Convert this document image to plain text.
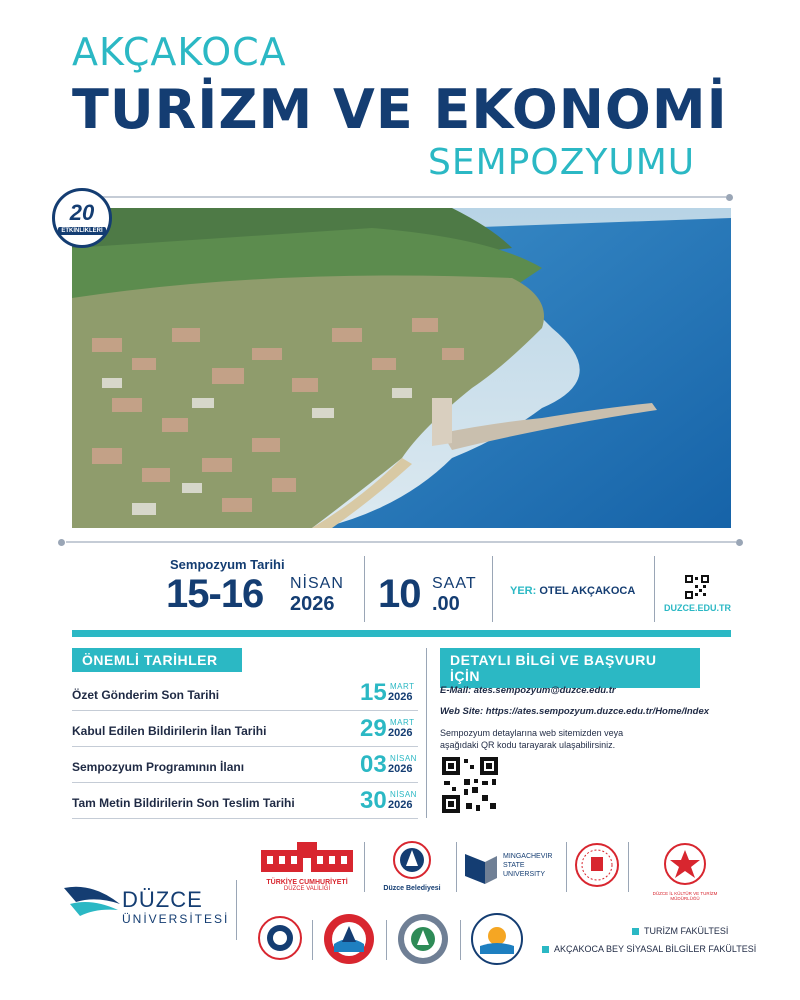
AKÇAKOCA
TURİZM VE EKONOMİ
SEMPOZYUMU
20
ETKİNLİKLERİ
Sempozyum Tarihi
15-16 NİSAN
2026 10 SAAT
.00
YER: OTEL AKÇAKOCA
DUZCE.EDU.TR
ÖNEMLİ TARİHLER
Özet Gönderim Son Tarihi	15 MART
2026
Kabul Edilen Bildirilerin İlan Tarihi	29 MART
2026
Sempozyum Programının İlanı	03 NİSAN
2026
Tam Metin Bildirilerin Son Teslim Tarihi	30 NİSAN
2026
DETAYLI BİLGİ VE BAŞVURU İÇİN
E-Mail: ates.sempozyum@duzce.edu.tr
Web Site: https://ates.sempozyum.duzce.edu.tr/Home/Index
Sempozyum detaylarına web sitemizden veya
aşağıdaki QR kodu tarayarak ulaşabilirsiniz.
DÜZCE
ÜNİVERSİTESİ
TÜRKİYE CUMHURİYETİ
DÜZCE VALİLİĞİ	Düzce Belediyesi
MINGACHEVIR
STATE
UNIVERSITY
DÜZCE İL KÜLTÜR VE TURİZM MÜDÜRLÜĞÜ
TURİZM FAKÜLTESİ
AKÇAKOCA BEY SİYASAL BİLGİLER FAKÜLTESİ
